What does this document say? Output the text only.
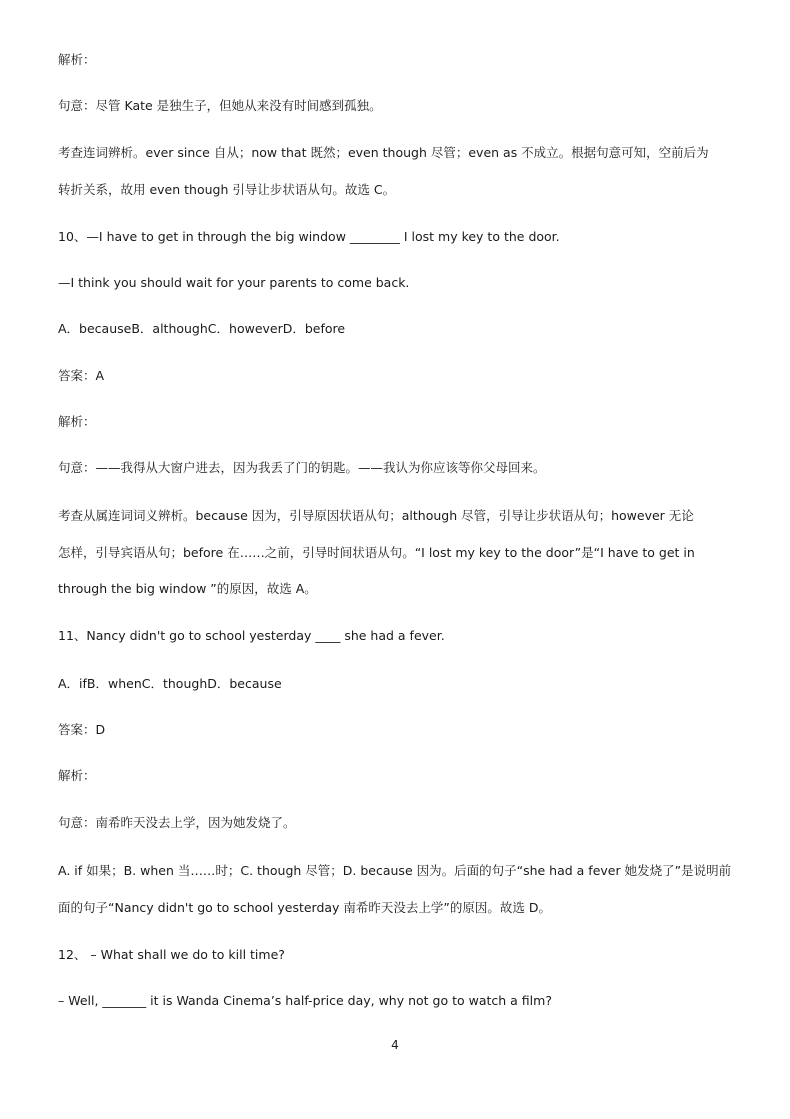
解析：
句意：尽管 Kate 是独生子，但她从来没有时间感到孤独。
考查连词辨析。ever since 自从；now that 既然；even though 尽管；even as 不成立。根据句意可知，空前后为
转折关系，故用 even though 引导让步状语从句。故选 C。
10、—I have to get in through the big window ________ I lost my key to the door.
—I think you should wait for your parents to come back.
A．becauseB．althoughC．howeverD．before
答案：A
解析：
句意：——我得从大窗户进去，因为我丢了门的钥匙。——我认为你应该等你父母回来。
考查从属连词词义辨析。because 因为，引导原因状语从句；although 尽管，引导让步状语从句；however 无论
怎样，引导宾语从句；before 在……之前，引导时间状语从句。“I lost my key to the door”是“I have to get in
through the big window ”的原因，故选 A。
11、Nancy didn't go to school yesterday ____ she had a fever.
A．ifB．whenC．thoughD．because
答案：D
解析：
句意：南希昨天没去上学，因为她发烧了。
A. if 如果；B. when 当……时；C. though 尽管；D. because 因为。后面的句子“she had a fever 她发烧了”是说明前
面的句子“Nancy didn't go to school yesterday 南希昨天没去上学”的原因。故选 D。
12、 – What shall we do to kill time?
– Well, _______ it is Wanda Cinema’s half-price day, why not go to watch a film?
4
